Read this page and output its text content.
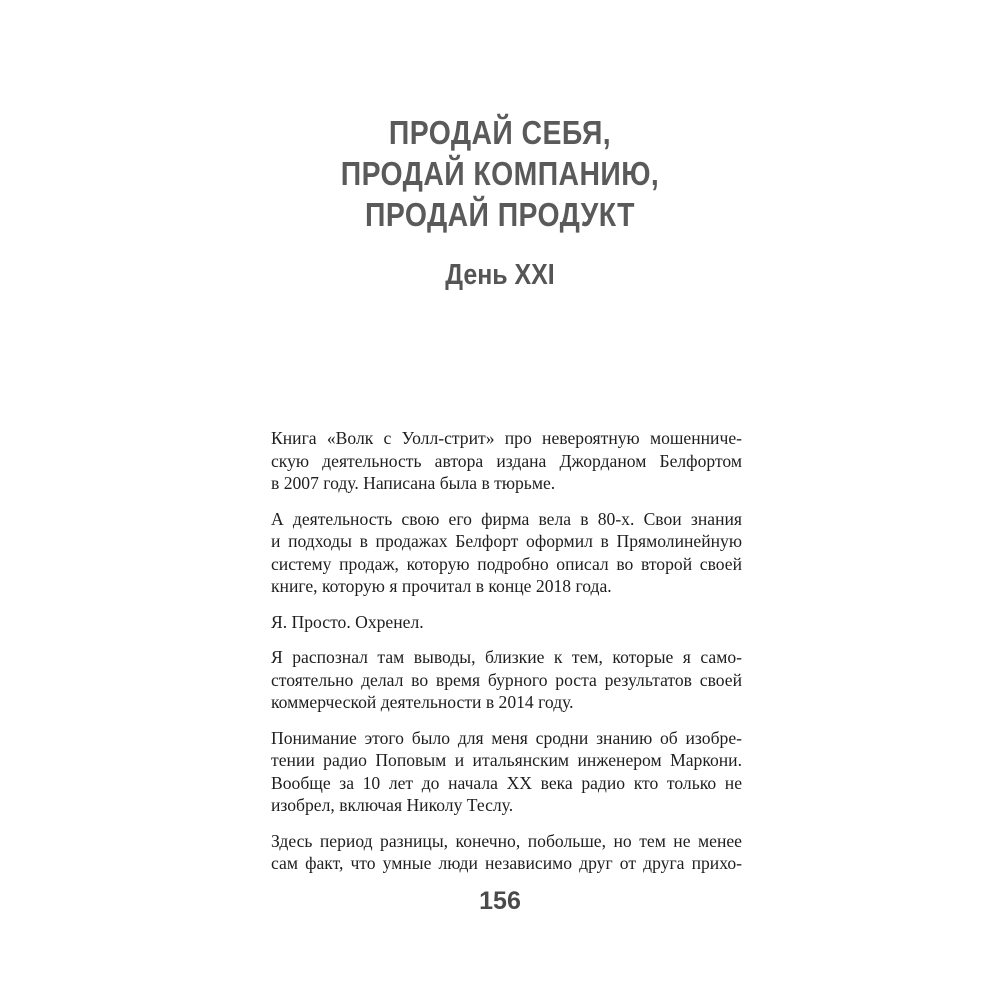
ПРОДАЙ СЕБЯ,
ПРОДАЙ КОМПАНИЮ,
ПРОДАЙ ПРОДУКТ
День XXI
Книга «Волк с Уолл-стрит» про невероятную мошенниче-
скую деятельность автора издана Джорданом Белфортом
в 2007 году. Написана была в тюрьме.
А деятельность свою его фирма вела в 80-х. Свои знания
и подходы в продажах Белфорт оформил в Прямолинейную
систему продаж, которую подробно описал во второй своей
книге, которую я прочитал в конце 2018 года.
Я. Просто. Охренел.
Я распознал там выводы, близкие к тем, которые я само-
стоятельно делал во время бурного роста результатов своей
коммерческой деятельности в 2014 году.
Понимание этого было для меня сродни знанию об изобре-
тении радио Поповым и итальянским инженером Маркони.
Вообще за 10 лет до начала XX века радио кто только не
изобрел, включая Николу Теслу.
Здесь период разницы, конечно, побольше, но тем не менее
сам факт, что умные люди независимо друг от друга прихо-
156
